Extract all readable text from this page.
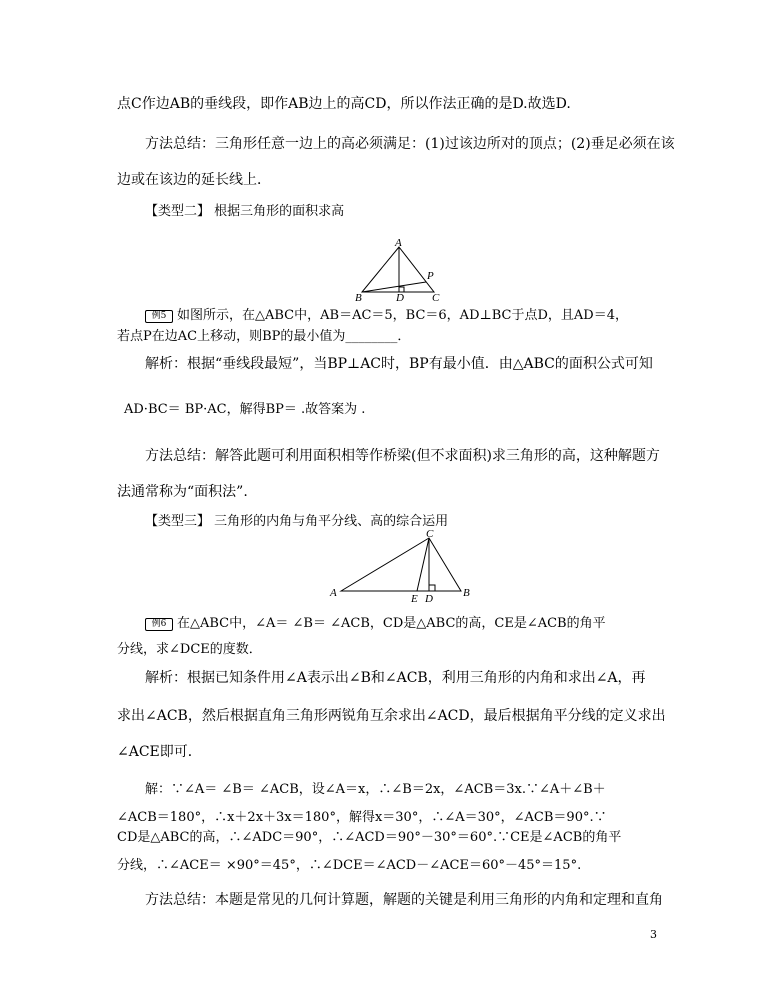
点C作边AB的垂线段，即作AB边上的高CD，所以作法正确的是D.故选D.
方法总结：三角形任意一边上的高必须满足：(1)过该边所对的顶点；(2)垂足必须在该
边或在该边的延长线上．
【类型二】 根据三角形的面积求高
A
P
B	D	C
例5 如图所示，在△ABC中，AB＝AC＝5，BC＝6，AD⊥BC于点D，且AD＝4，
若点P在边AC上移动，则BP的最小值为________．
解析：根据“垂线段最短”，当BP⊥AC时，BP有最小值．由△ABC的面积公式可知
AD·BC＝ BP·AC，解得BP＝ .故答案为 .
方法总结：解答此题可利用面积相等作桥梁(但不求面积)求三角形的高，这种解题方
法通常称为“面积法”.
【类型三】 三角形的内角与角平分线、高的综合运用
C
A	B
E D
例6 在△ABC中，∠A＝ ∠B＝ ∠ACB，CD是△ABC的高，CE是∠ACB的角平
分线，求∠DCE的度数．
解析：根据已知条件用∠A表示出∠B和∠ACB，利用三角形的内角和求出∠A，再
求出∠ACB，然后根据直角三角形两锐角互余求出∠ACD，最后根据角平分线的定义求出
∠ACE即可．
解：∵∠A＝ ∠B＝ ∠ACB，设∠A＝x，∴∠B＝2x，∠ACB＝3x.∵∠A＋∠B＋
∠ACB＝180°，∴x＋2x＋3x＝180°，解得x＝30°，∴∠A＝30°，∠ACB＝90°.∵
CD是△ABC的高，∴∠ADC＝90°，∴∠ACD＝90°－30°＝60°.∵CE是∠ACB的角平
分线，∴∠ACE＝ ×90°＝45°，∴∠DCE＝∠ACD－∠ACE＝60°－45°＝15°.
方法总结：本题是常见的几何计算题，解题的关键是利用三角形的内角和定理和直角
3
